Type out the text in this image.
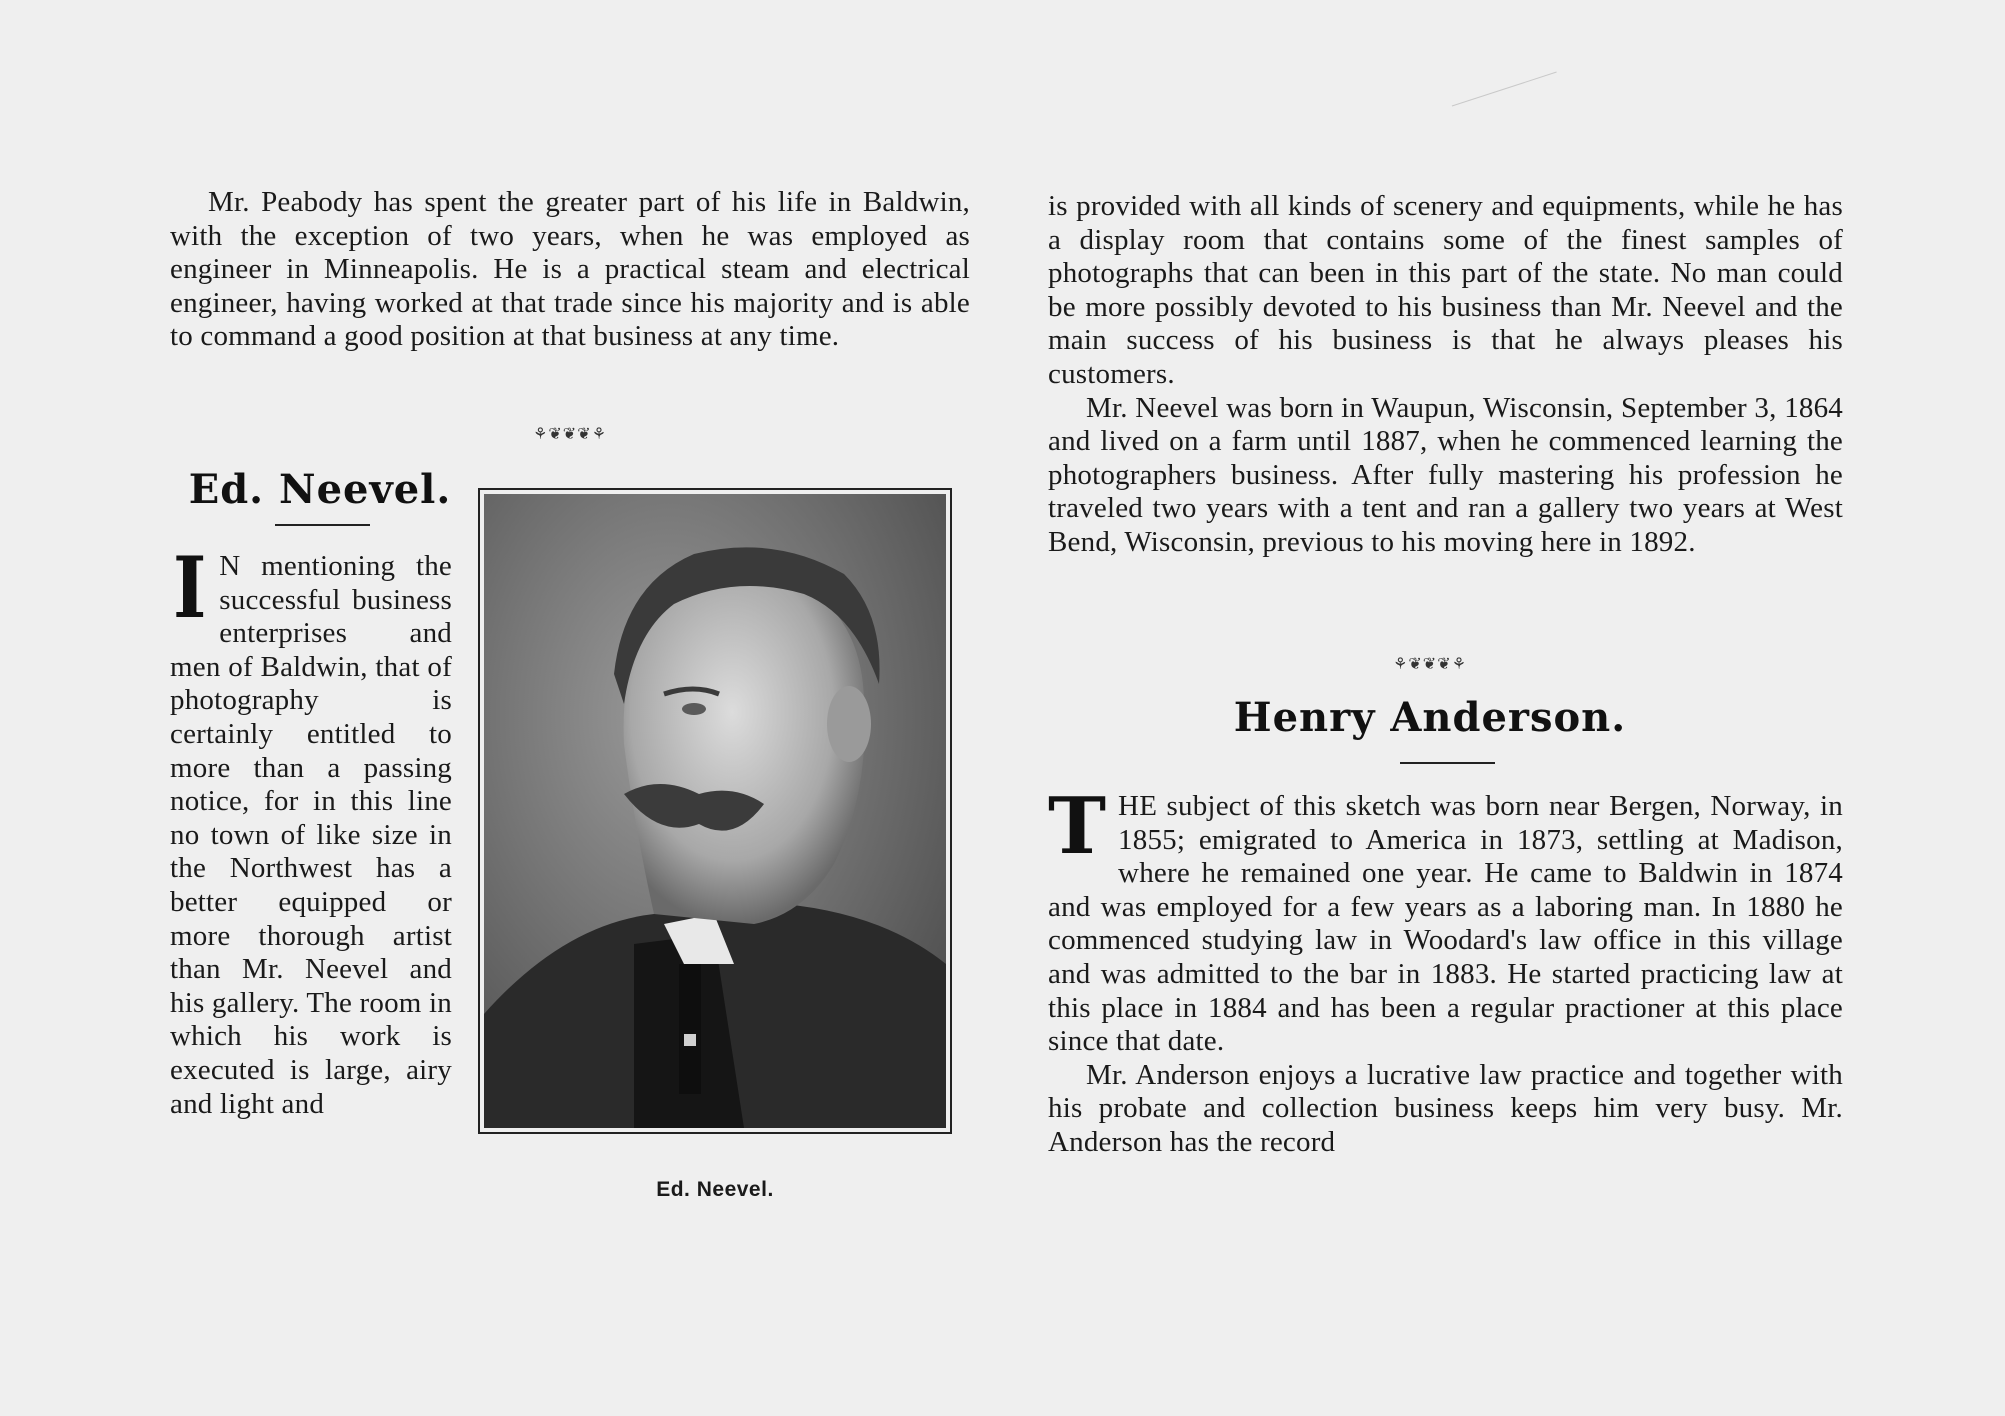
Mr. Peabody has spent the greater part of his life in Baldwin, with the exception of two years, when he was employed as engineer in Minneapolis. He is a practical steam and electrical engineer, having worked at that trade since his majority and is able to command a good position at that business at any time.

⚘❦❦❦⚘
Ed. Neevel.
I N mentioning the successful business enterprises and men of Baldwin, that of photography is certainly entitled to more than a passing notice, for in this line no town of like size in the Northwest has a better equipped or more thorough artist than Mr. Neevel and his gallery. The room in which his work is executed is large, airy and light and

Ed. Neevel.

is provided with all kinds of scenery and equipments, while he has a display room that contains some of the finest samples of photographs that can been in this part of the state. No man could be more possibly devoted to his business than Mr. Neevel and the main success of his business is that he always pleases his customers.

Mr. Neevel was born in Waupun, Wisconsin, September 3, 1864 and lived on a farm until 1887, when he commenced learning the photographers business. After fully mastering his profession he traveled two years with a tent and ran a gallery two years at West Bend, Wisconsin, previous to his moving here in 1892.

⚘❦❦❦⚘
Henry Anderson.
T HE subject of this sketch was born near Bergen, Norway, in 1855; emigrated to America in 1873, settling at Madison, where he remained one year. He came to Baldwin in 1874 and was employed for a few years as a laboring man. In 1880 he commenced studying law in Woodard's law office in this village and was admitted to the bar in 1883. He started practicing law at this place in 1884 and has been a regular practioner at this place since that date.

Mr. Anderson enjoys a lucrative law practice and together with his probate and collection business keeps him very busy. Mr. Anderson has the record
